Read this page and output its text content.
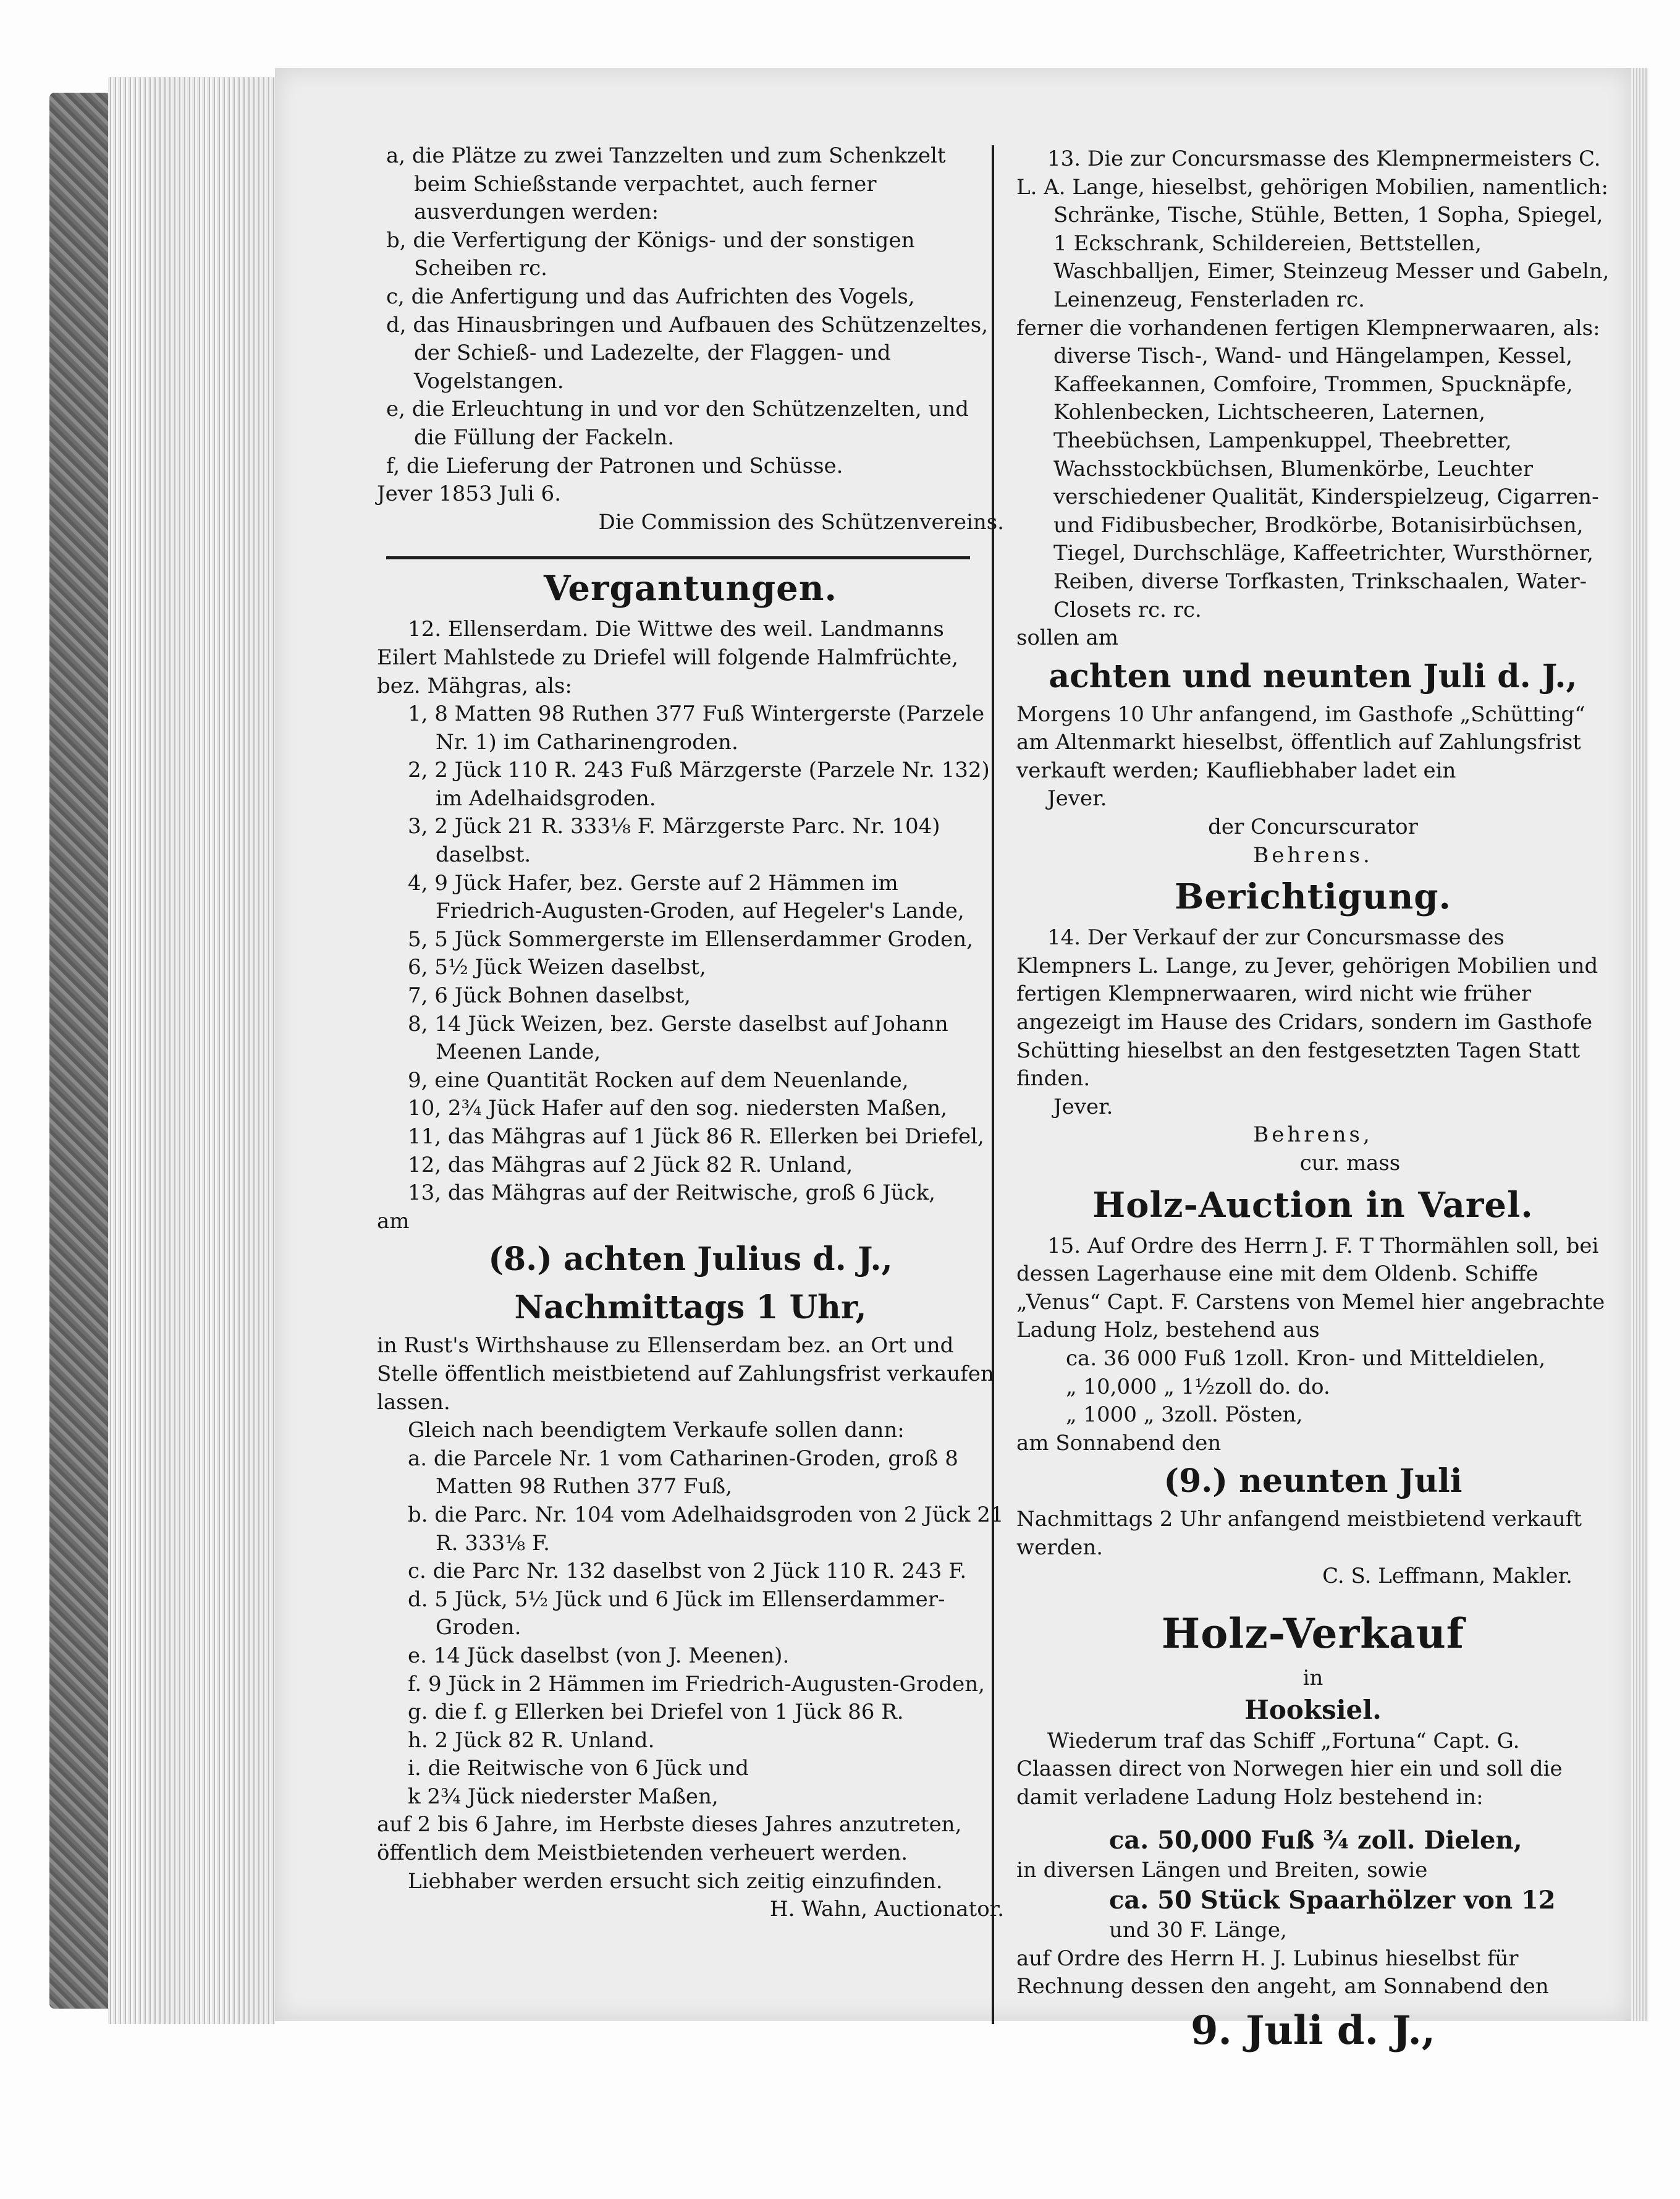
a, die Plätze zu zwei Tanzzelten und zum Schenkzelt beim Schießstande verpachtet, auch ferner ausverdungen werden:

b, die Verfertigung der Königs- und der sonstigen Scheiben rc.

c, die Anfertigung und das Aufrichten des Vogels,

d, das Hinausbringen und Aufbauen des Schützenzeltes, der Schieß- und Ladezelte, der Flaggen- und Vogelstangen.

e, die Erleuchtung in und vor den Schützenzelten, und die Füllung der Fackeln.

f, die Lieferung der Patronen und Schüsse.

Jever 1853 Juli 6.

Die Commission des Schützenvereins.

Vergantungen.

12. Ellenserdam. Die Wittwe des weil. Landmanns Eilert Mahlstede zu Driefel will folgende Halmfrüchte, bez. Mähgras, als:

1, 8 Matten 98 Ruthen 377 Fuß Wintergerste (Parzele Nr. 1) im Catharinengroden.

2, 2 Jück 110 R. 243 Fuß Märzgerste (Parzele Nr. 132) im Adelhaidsgroden.

3, 2 Jück 21 R. 333⅛ F. Märzgerste Parc. Nr. 104) daselbst.

4, 9 Jück Hafer, bez. Gerste auf 2 Hämmen im Friedrich-Augusten-Groden, auf Hegeler's Lande,

5, 5 Jück Sommergerste im Ellenserdammer Groden,

6, 5½ Jück Weizen daselbst,

7, 6 Jück Bohnen daselbst,

8, 14 Jück Weizen, bez. Gerste daselbst auf Johann Meenen Lande,

9, eine Quantität Rocken auf dem Neuenlande,

10, 2¾ Jück Hafer auf den sog. niedersten Maßen,

11, das Mähgras auf 1 Jück 86 R. Ellerken bei Driefel,

12, das Mähgras auf 2 Jück 82 R. Unland,

13, das Mähgras auf der Reitwische, groß 6 Jück,

am

(8.) achten Julius d. J., Nachmittags 1 Uhr,

in Rust's Wirthshause zu Ellenserdam bez. an Ort und Stelle öffentlich meistbietend auf Zahlungsfrist verkaufen lassen.

Gleich nach beendigtem Verkaufe sollen dann:

a. die Parcele Nr. 1 vom Catharinen-Groden, groß 8 Matten 98 Ruthen 377 Fuß,

b. die Parc. Nr. 104 vom Adelhaidsgroden von 2 Jück 21 R. 333⅛ F.

c. die Parc Nr. 132 daselbst von 2 Jück 110 R. 243 F.

d. 5 Jück, 5½ Jück und 6 Jück im Ellenserdammer-Groden.

e. 14 Jück daselbst (von J. Meenen).

f. 9 Jück in 2 Hämmen im Friedrich-Augusten-Groden,

g. die f. g Ellerken bei Driefel von 1 Jück 86 R.

h. 2 Jück 82 R. Unland.

i. die Reitwische von 6 Jück und

k 2¾ Jück niederster Maßen,

auf 2 bis 6 Jahre, im Herbste dieses Jahres anzutreten, öffentlich dem Meistbietenden verheuert werden.

Liebhaber werden ersucht sich zeitig einzufinden.

H. Wahn, Auctionator.

13. Die zur Concursmasse des Klempnermeisters C. L. A. Lange, hieselbst, gehörigen Mobilien, namentlich:

Schränke, Tische, Stühle, Betten, 1 Sopha, Spiegel, 1 Eckschrank, Schildereien, Bettstellen, Waschballjen, Eimer, Steinzeug Messer und Gabeln, Leinenzeug, Fensterladen rc.

ferner die vorhandenen fertigen Klempnerwaaren, als:

diverse Tisch-, Wand- und Hängelampen, Kessel, Kaffeekannen, Comfoire, Trommen, Spucknäpfe, Kohlenbecken, Lichtscheeren, Laternen, Theebüchsen, Lampenkuppel, Theebretter, Wachsstockbüchsen, Blumenkörbe, Leuchter verschiedener Qualität, Kinderspielzeug, Cigarren- und Fidibusbecher, Brodkörbe, Botanisirbüchsen, Tiegel, Durchschläge, Kaffeetrichter, Wursthörner, Reiben, diverse Torfkasten, Trinkschaalen, Water-Closets rc. rc.

sollen am

achten und neunten Juli d. J.,

Morgens 10 Uhr anfangend, im Gasthofe „Schütting“ am Altenmarkt hieselbst, öffentlich auf Zahlungsfrist verkauft werden; Kaufliebhaber ladet ein

Jever.

der Concurscurator

Behrens.

Berichtigung.

14. Der Verkauf der zur Concursmasse des Klempners L. Lange, zu Jever, gehörigen Mobilien und fertigen Klempnerwaaren, wird nicht wie früher angezeigt im Hause des Cridars, sondern im Gasthofe Schütting hieselbst an den festgesetzten Tagen Statt finden.

Jever.

Behrens,

cur. mass

Holz-Auction in Varel.

15. Auf Ordre des Herrn J. F. T Thormählen soll, bei dessen Lagerhause eine mit dem Oldenb. Schiffe „Venus“ Capt. F. Carstens von Memel hier angebrachte Ladung Holz, bestehend aus

ca. 36 000 Fuß 1zoll. Kron- und Mitteldielen,

„ 10,000 „ 1½zoll do. do.

„ 1000 „ 3zoll. Pösten,

am Sonnabend den

(9.) neunten Juli

Nachmittags 2 Uhr anfangend meistbietend verkauft werden.

C. S. Leffmann, Makler.

Holz-Verkauf

in

Hooksiel.

Wiederum traf das Schiff „Fortuna“ Capt. G. Claassen direct von Norwegen hier ein und soll die damit verladene Ladung Holz bestehend in:

ca. 50,000 Fuß ¾ zoll. Dielen,

in diversen Längen und Breiten, sowie

ca. 50 Stück Spaarhölzer von 12

und 30 F. Länge,

auf Ordre des Herrn H. J. Lubinus hieselbst für Rechnung dessen den angeht, am Sonnabend den

9. Juli d. J.,
